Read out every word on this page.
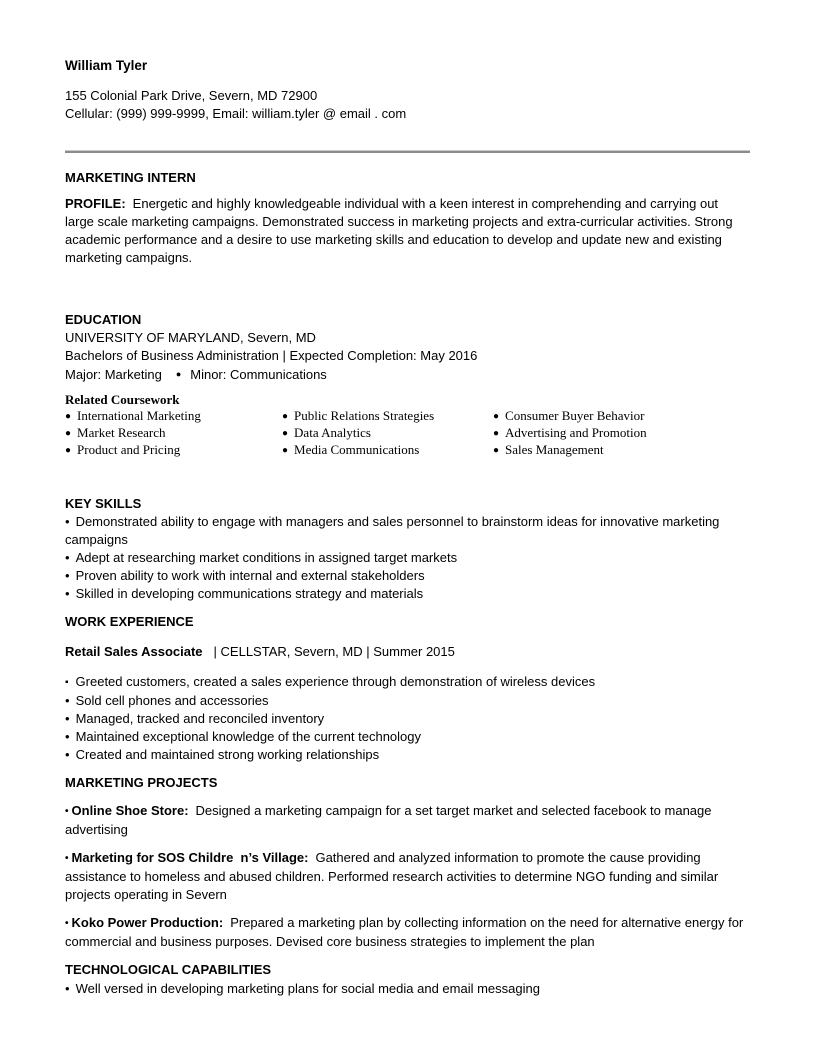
William Tyler

155 Colonial Park Drive, Severn, MD 72900

Cellular: (999) 999-9999, Email: william.tyler @ email . com

MARKETING INTERN

PROFILE: Energetic and highly knowledgeable individual with a keen interest in comprehending and carrying out large scale marketing campaigns. Demonstrated success in marketing projects and extra-curricular activities. Strong academic performance and a desire to use marketing skills and education to develop and update new and existing marketing campaigns.

EDUCATION

UNIVERSITY OF MARYLAND, Severn, MD

Bachelors of Business Administration | Expected Completion: May 2016

Major: Marketing ● Minor: Communications

Related Coursework
● International Marketing
● Market Research
● Product and Pricing
● Public Relations Strategies
● Data Analytics
● Media Communications
● Consumer Buyer Behavior
● Advertising and Promotion
● Sales Management
KEY SKILLS

• Demonstrated ability to engage with managers and sales personnel to brainstorm ideas for innovative marketing campaigns

• Adept at researching market conditions in assigned target markets

• Proven ability to work with internal and external stakeholders

• Skilled in developing communications strategy and materials

WORK EXPERIENCE

Retail Sales Associate | CELLSTAR, Severn, MD | Summer 2015

▪ Greeted customers, created a sales experience through demonstration of wireless devices

• Sold cell phones and accessories

• Managed, tracked and reconciled inventory

• Maintained exceptional knowledge of the current technology

• Created and maintained strong working relationships

MARKETING PROJECTS

• Online Shoe Store: Designed a marketing campaign for a set target market and selected facebook to manage advertising

• Marketing for SOS Childre  n’s Village: Gathered and analyzed information to promote the cause providing assistance to homeless and abused children. Performed research activities to determine NGO funding and similar projects operating in Severn

• Koko Power Production: Prepared a marketing plan by collecting information on the need for alternative energy for commercial and business purposes. Devised core business strategies to implement the plan

TECHNOLOGICAL CAPABILITIES

• Well versed in developing marketing plans for social media and email messaging
